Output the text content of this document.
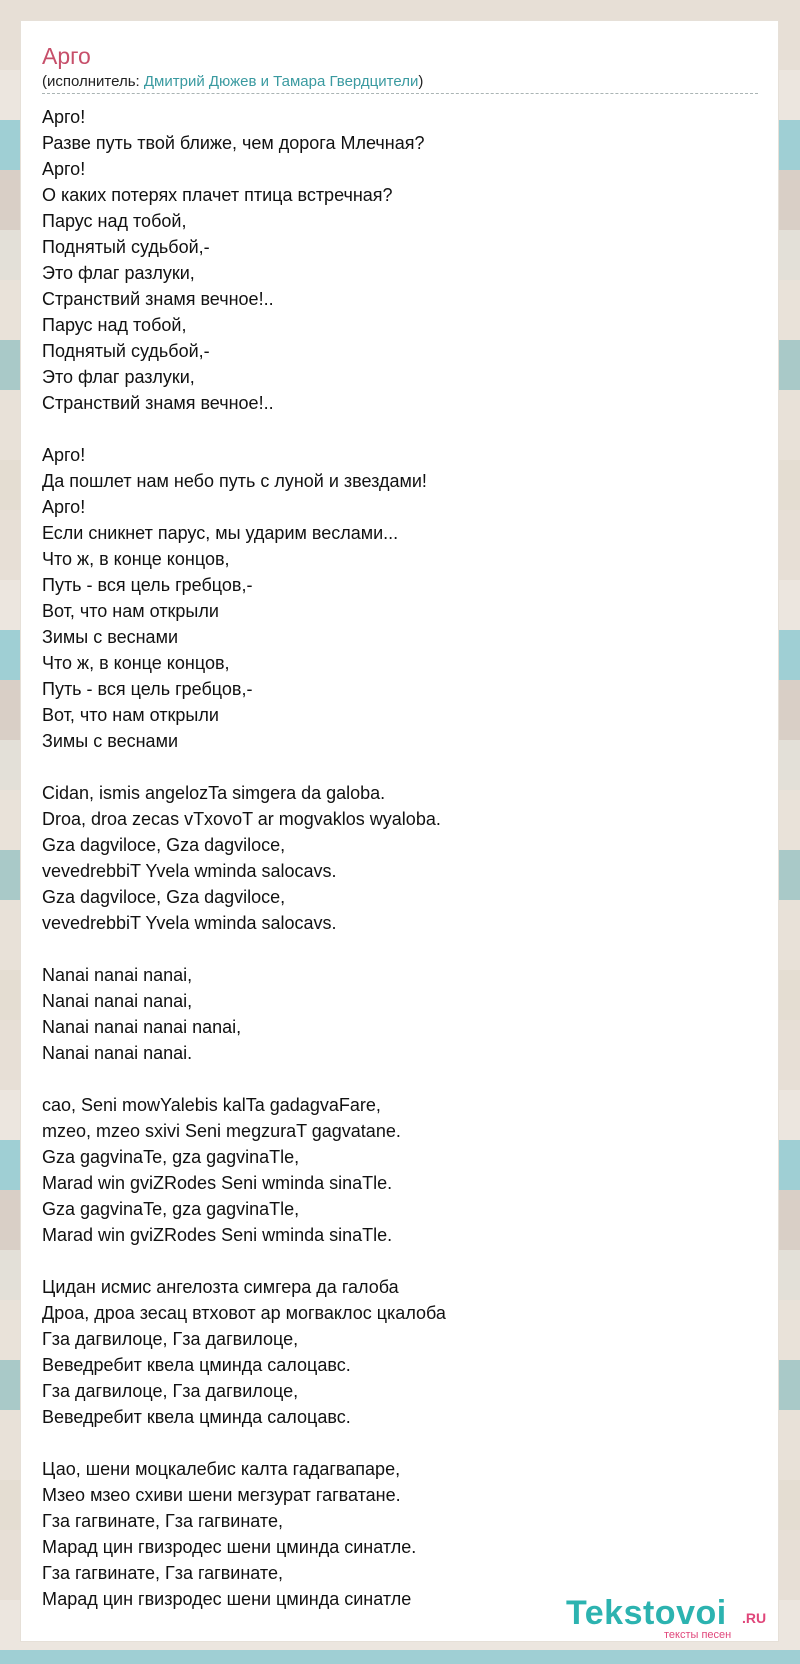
Арго
(исполнитель: Дмитрий Дюжев и Тамара Гвердцители)
Арго!
Разве путь твой ближе, чем дорога Млечная?
Арго!
О каких потерях плачет птица встречная?
Парус над тобой,
Поднятый судьбой,-
Это флаг разлуки,
Странствий знамя вечное!..
Парус над тобой,
Поднятый судьбой,-
Это флаг разлуки,
Странствий знамя вечное!..
Арго!
Да пошлет нам небо путь с луной и звездами!
Арго!
Если сникнет парус, мы ударим веслами...
Что ж, в конце концов,
Путь - вся цель гребцов,-
Вот, что нам открыли
Зимы с веснами
Что ж, в конце концов,
Путь - вся цель гребцов,-
Вот, что нам открыли
Зимы с веснами
Cidan, ismis angelozTa simgera da galoba.
Droa, droa zecas vTxovoT ar mogvaklos wyaloba.
Gza dagviloce, Gza dagviloce,
vevedrebbiT Yvela wminda salocavs.
Gza dagviloce, Gza dagviloce,
vevedrebbiT Yvela wminda salocavs.
Nanai nanai nanai,
Nanai nanai nanai,
Nanai nanai nanai nanai,
Nanai nanai nanai.
cao, Seni mowYalebis kalTa gadagvaFare,
mzeo, mzeo sxivi Seni megzuraT gagvatane.
Gza gagvinaTe, gza gagvinaTle,
Marad win gviZRodes Seni wminda sinaTle.
Gza gagvinaTe, gza gagvinaTle,
Marad win gviZRodes Seni wminda sinaTle.
Цидан исмис ангелозта симгера да галоба
Дроа, дроа зесац втховот ар могваклос цкалоба
Гза дагвилоце, Гза дагвилоце,
Веведребит квела цминда салоцавс.
Гза дагвилоце, Гза дагвилоце,
Веведребит квела цминда салоцавс.
Цао, шени моцкалебис калта гадагвапаре,
Мзео мзео схиви шени мегзурат гагватане.
Гза гагвинате, Гза гагвинате,
Марад цин гвизродес шени цминда синатле.
Гза гагвинате, Гза гагвинате,
Марад цин гвизродес шени цминда синатле	Tekstovoi .RU
тексты песен
